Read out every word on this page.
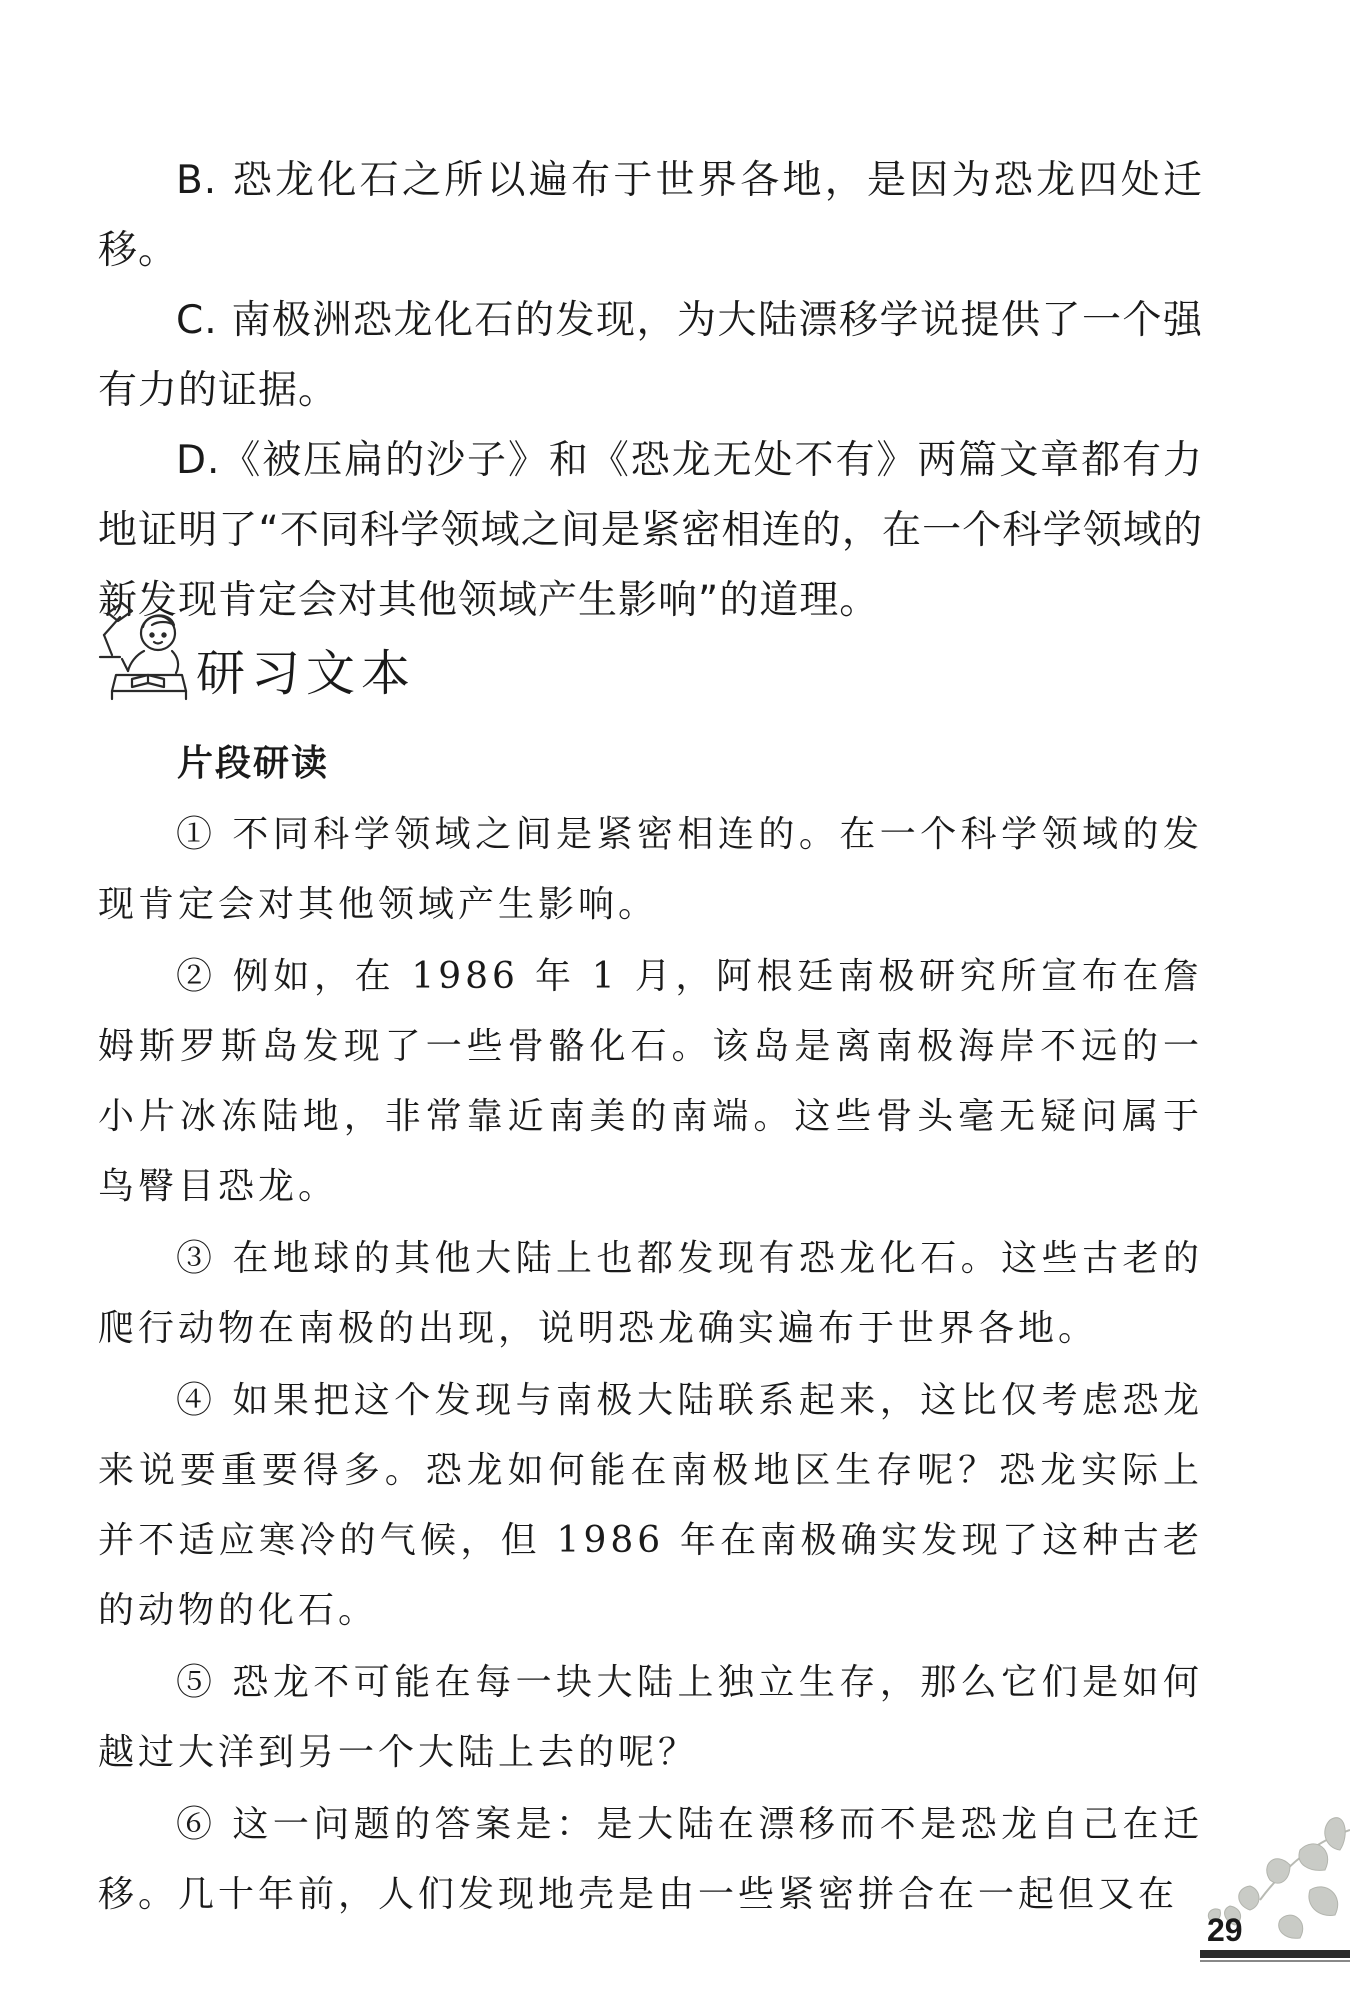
B. 恐龙化石之所以遍布于世界各地，是因为恐龙四处迁移。

C. 南极洲恐龙化石的发现，为大陆漂移学说提供了一个强有力的证据。

D.《被压扁的沙子》和《恐龙无处不有》两篇文章都有力地证明了“不同科学领域之间是紧密相连的，在一个科学领域的新发现肯定会对其他领域产生影响”的道理。

研习文本
片段研读

① 不同科学领域之间是紧密相连的。在一个科学领域的发现肯定会对其他领域产生影响。

② 例如，在 1986 年 1 月，阿根廷南极研究所宣布在詹姆斯罗斯岛发现了一些骨骼化石。该岛是离南极海岸不远的一小片冰冻陆地，非常靠近南美的南端。这些骨头毫无疑问属于鸟臀目恐龙。

③ 在地球的其他大陆上也都发现有恐龙化石。这些古老的爬行动物在南极的出现，说明恐龙确实遍布于世界各地。

④ 如果把这个发现与南极大陆联系起来，这比仅考虑恐龙来说要重要得多。恐龙如何能在南极地区生存呢？恐龙实际上并不适应寒冷的气候，但 1986 年在南极确实发现了这种古老的动物的化石。

⑤ 恐龙不可能在每一块大陆上独立生存，那么它们是如何越过大洋到另一个大陆上去的呢？

⑥ 这一问题的答案是：是大陆在漂移而不是恐龙自己在迁移。几十年前，人们发现地壳是由一些紧密拼合在一起但又在

29
